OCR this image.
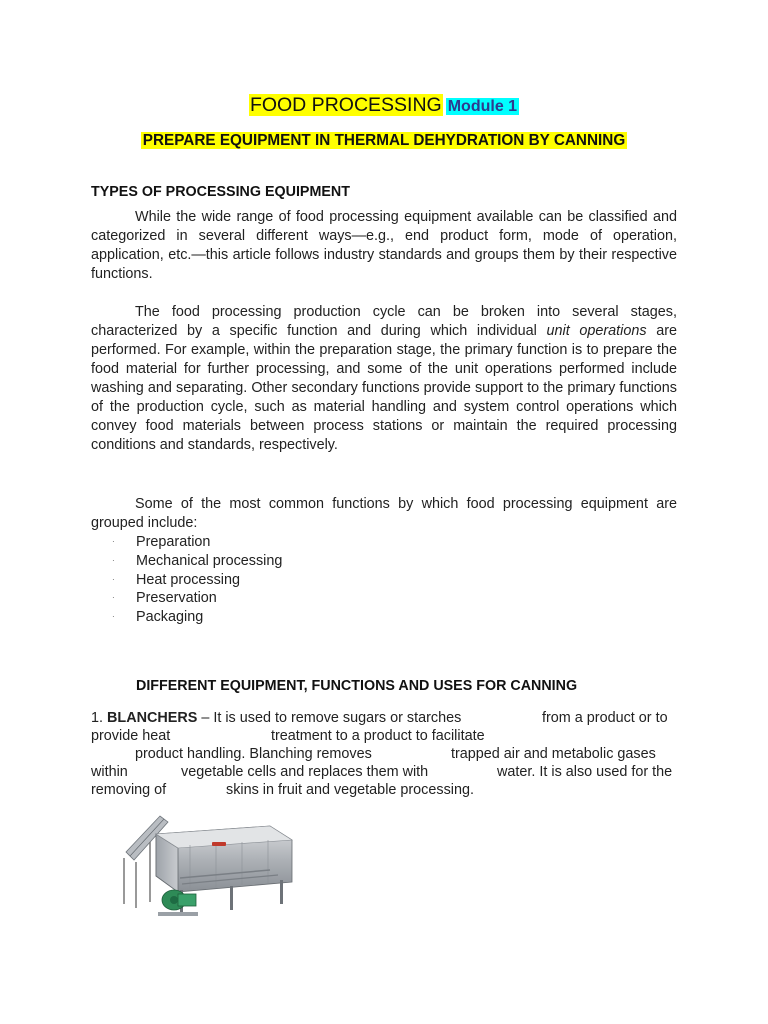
FOOD PROCESSING Module 1
PREPARE EQUIPMENT IN THERMAL DEHYDRATION BY CANNING
TYPES OF PROCESSING EQUIPMENT

While the wide range of food processing equipment available can be classified and categorized in several different ways—e.g., end product form, mode of operation, application, etc.—this article follows industry standards and groups them by their respective functions.

The food processing production cycle can be broken into several stages, characterized by a specific function and during which individual unit operations are performed. For example, within the preparation stage, the primary function is to prepare the food material for further processing, and some of the unit operations performed include washing and separating. Other secondary functions provide support to the primary functions of the production cycle, such as material handling and system control operations which convey food materials between process stations or maintain the required processing conditions and standards, respectively.

Some of the most common functions by which food processing equipment are grouped include:

· Preparation
· Mechanical processing
· Heat processing
· Preservation
· Packaging
DIFFERENT EQUIPMENT, FUNCTIONS AND USES FOR CANNING
1. BLANCHERS – It is used to remove sugars or starches	from a product or to
provide heat	treatment to a product to facilitate
product handling. Blanching removes	trapped air and metabolic gases
within	vegetable cells and replaces them with	water. It is also used for the
removing of	skins in fruit and vegetable processing.
